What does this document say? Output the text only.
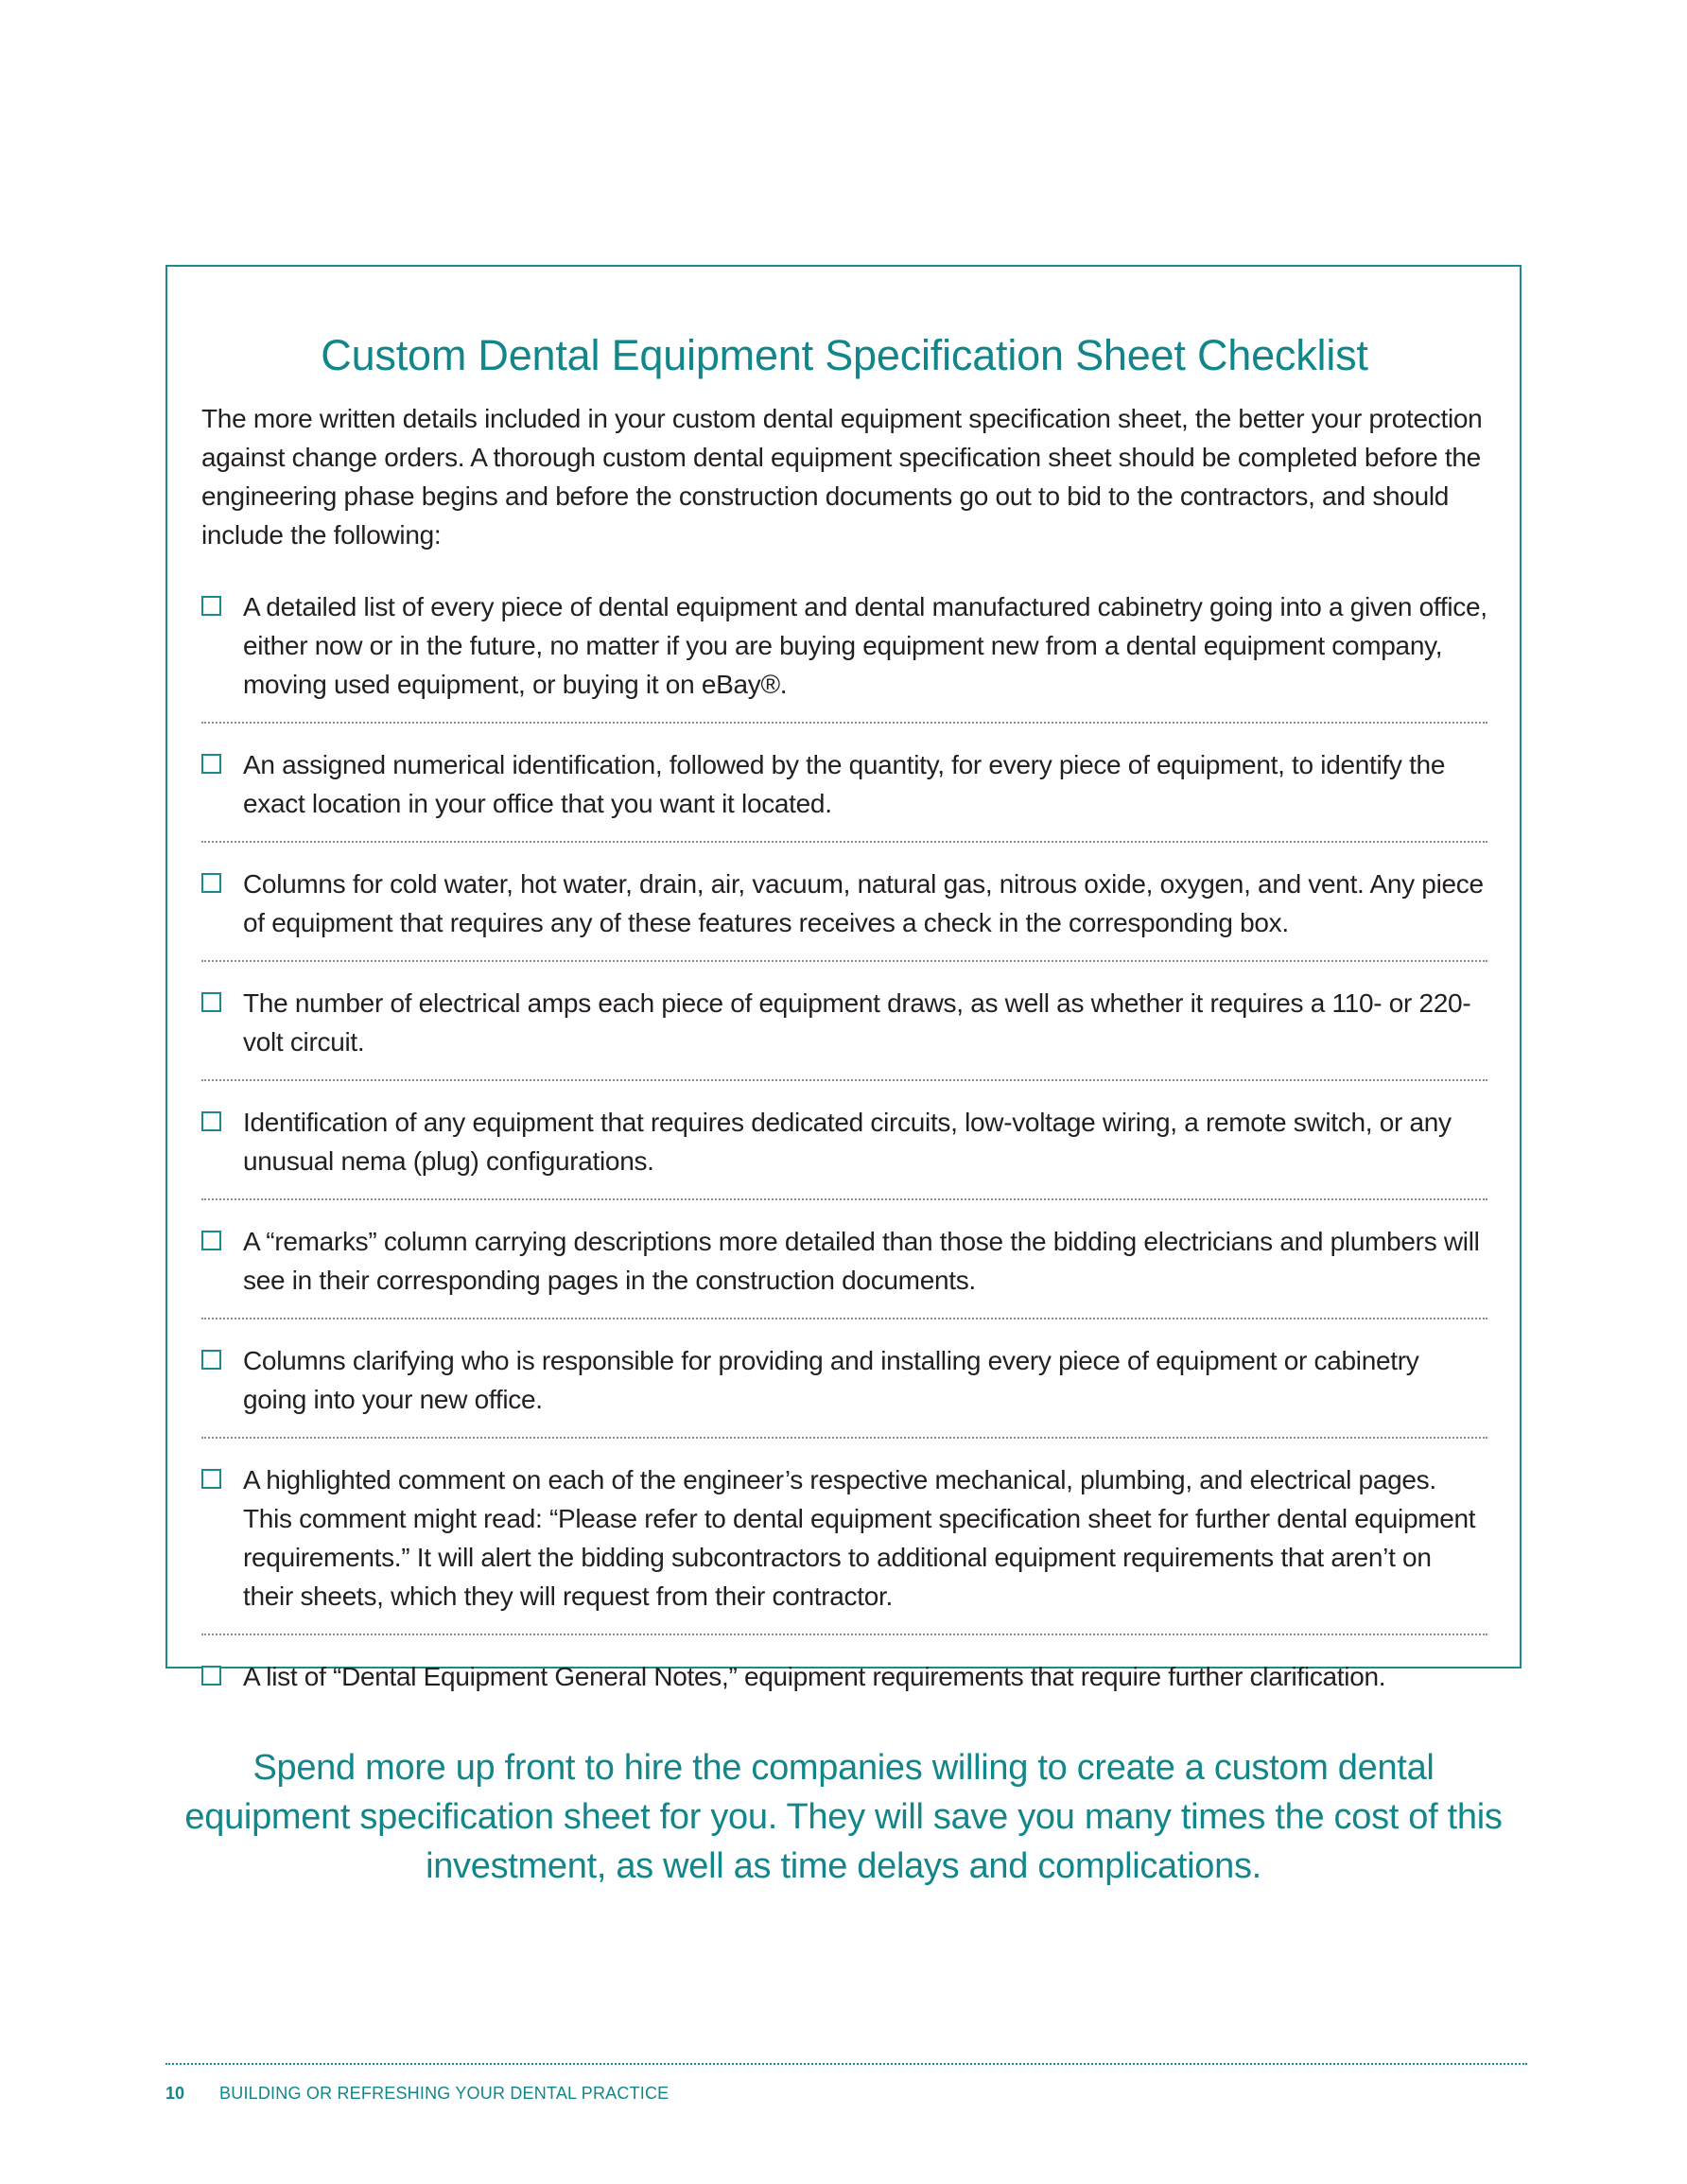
Custom Dental Equipment Specification Sheet Checklist

The more written details included in your custom dental equipment specification sheet, the better your protection against change orders. A thorough custom dental equipment specification sheet should be completed before the engineering phase begins and before the construction documents go out to bid to the contractors, and should include the following:

A detailed list of every piece of dental equipment and dental manufactured cabinetry going into a given office, either now or in the future, no matter if you are buying equipment new from a dental equipment company, moving used equipment, or buying it on eBay®.
An assigned numerical identification, followed by the quantity, for every piece of equipment, to identify the exact location in your office that you want it located.
Columns for cold water, hot water, drain, air, vacuum, natural gas, nitrous oxide, oxygen, and vent. Any piece of equipment that requires any of these features receives a check in the corresponding box.
The number of electrical amps each piece of equipment draws, as well as whether it requires a 110- or 220-volt circuit.
Identification of any equipment that requires dedicated circuits, low-voltage wiring, a remote switch, or any unusual nema (plug) configurations.
A “remarks” column carrying descriptions more detailed than those the bidding electricians and plumbers will see in their corresponding pages in the construction documents.
Columns clarifying who is responsible for providing and installing every piece of equipment or cabinetry going into your new office.
A highlighted comment on each of the engineer’s respective mechanical, plumbing, and electrical pages. This comment might read: “Please refer to dental equipment specification sheet for further dental equipment requirements.” It will alert the bidding subcontractors to additional equipment requirements that aren’t on their sheets, which they will request from their contractor.
A list of “Dental Equipment General Notes,” equipment requirements that require further clarification.

Spend more up front to hire the companies willing to create a custom dental equipment specification sheet for you. They will save you many times the cost of this investment, as well as time delays and complications.

10 BUILDING OR REFRESHING YOUR DENTAL PRACTICE
